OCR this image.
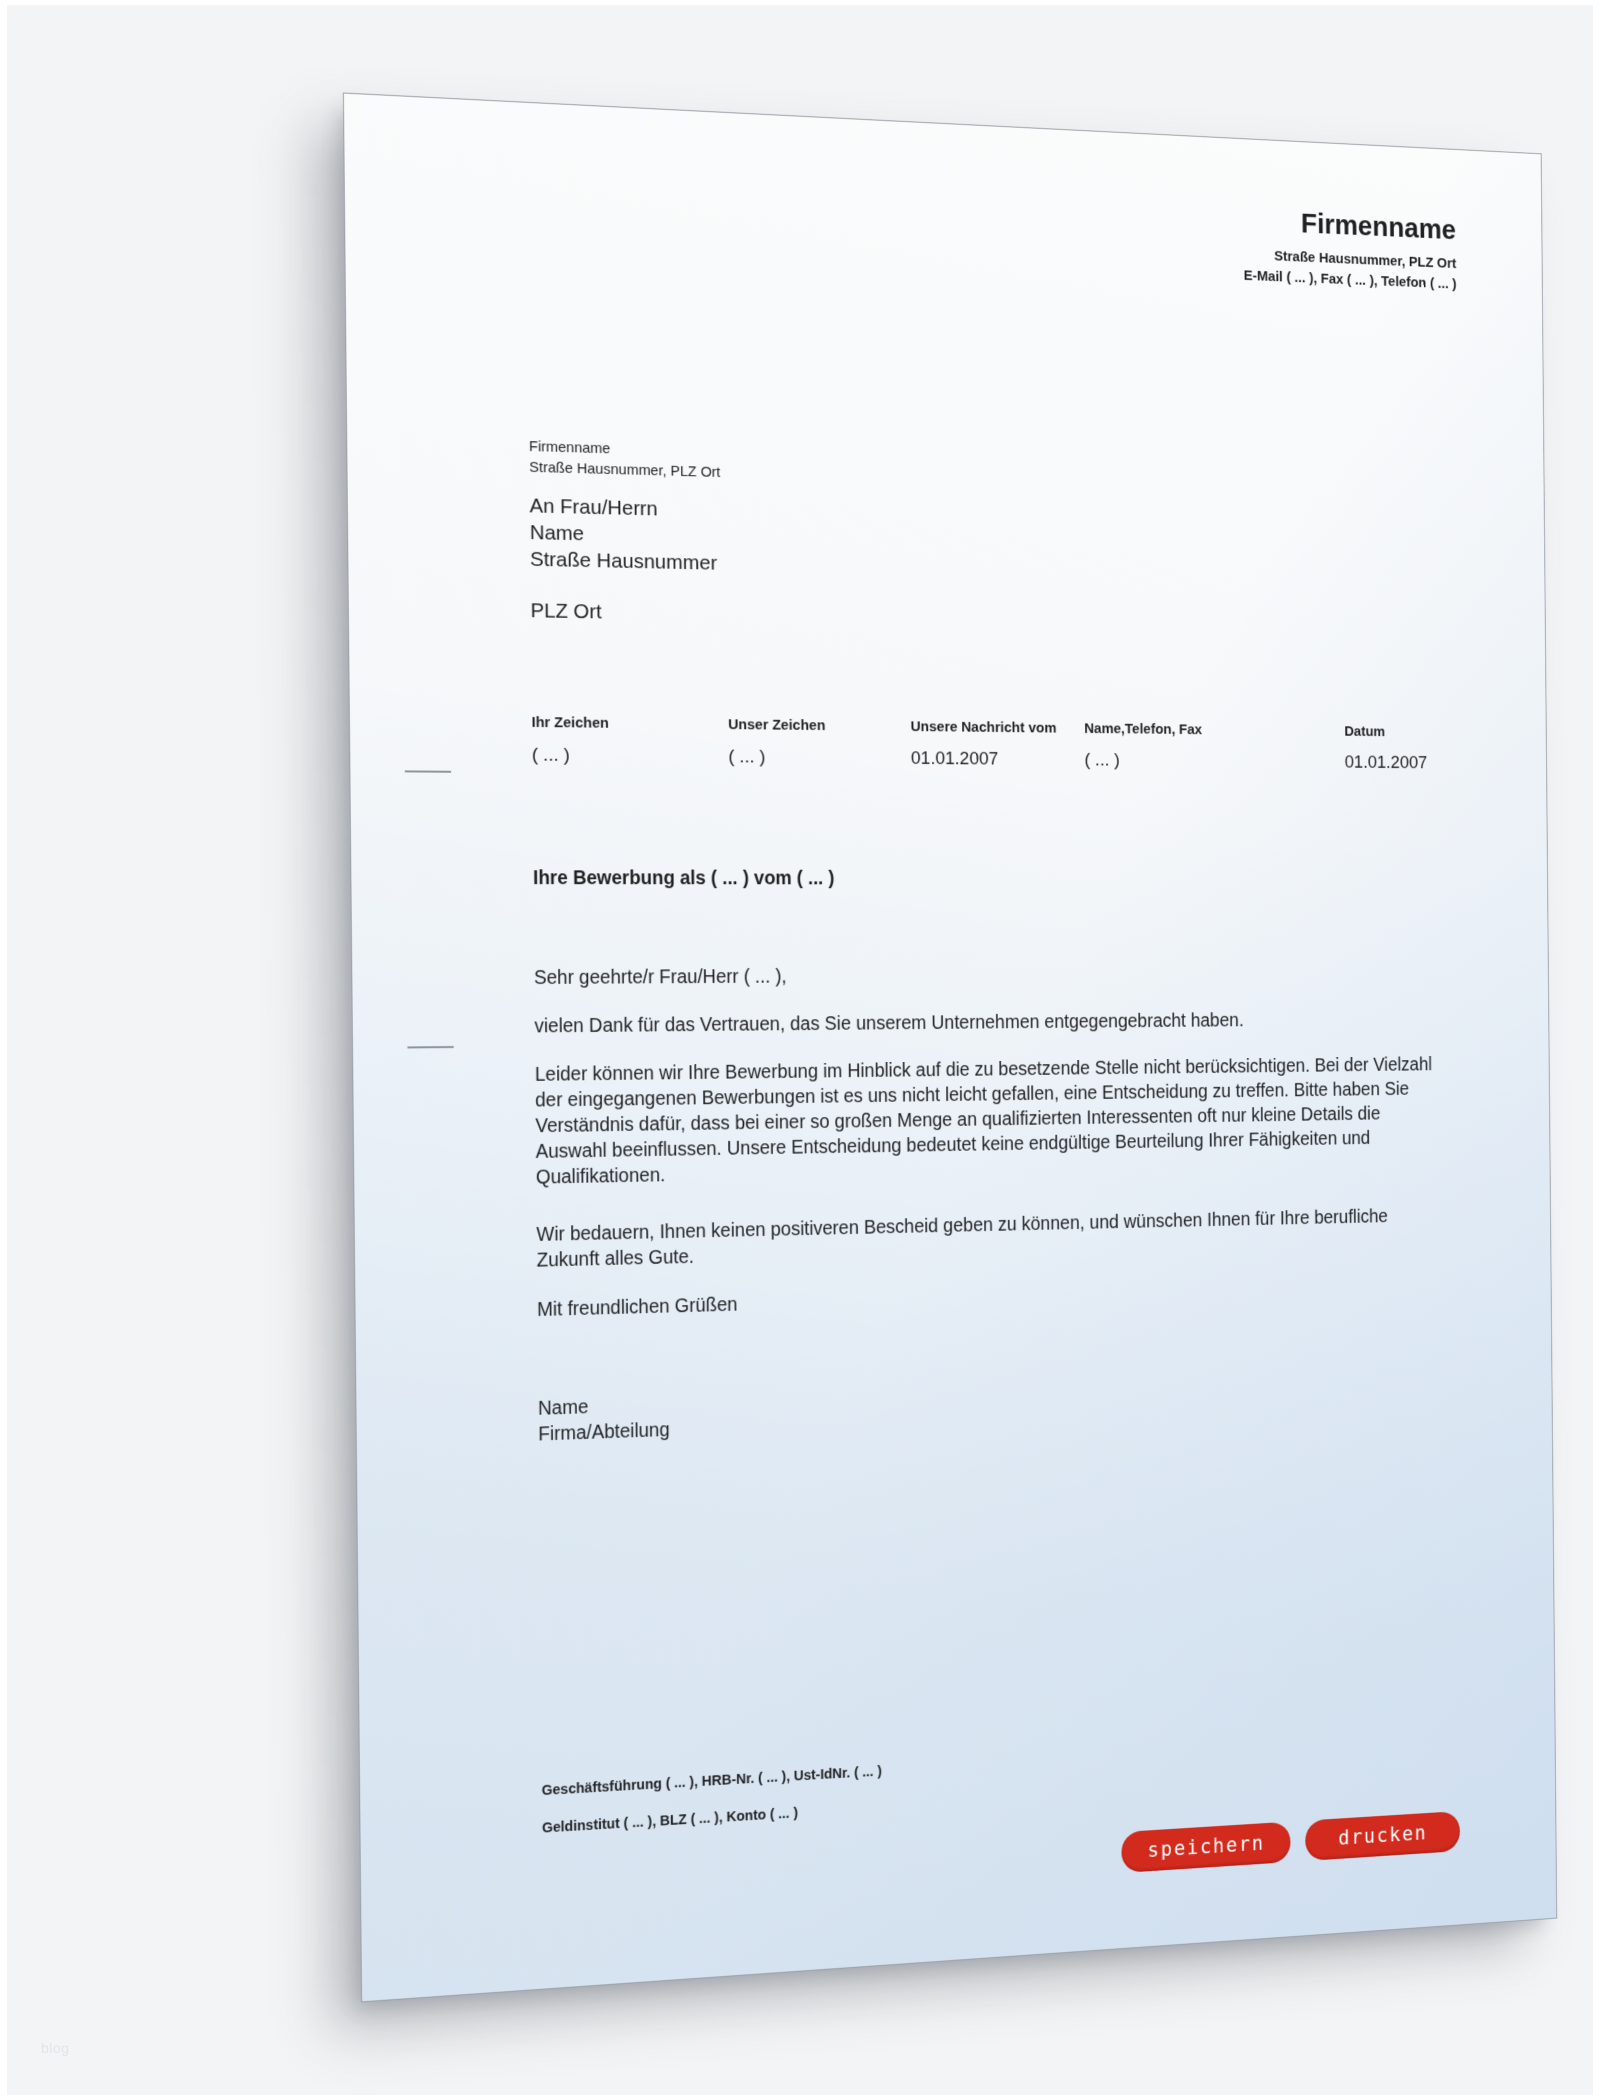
blog
Firmenname
Straße Hausnummer, PLZ Ort
E-Mail ( ... ), Fax ( ... ), Telefon ( ... )
Firmenname
Straße Hausnummer, PLZ Ort
An Frau/Herrn
Name
Straße Hausnummer
PLZ Ort
Ihr Zeichen
( ... )
Unser Zeichen
( ... )
Unsere Nachricht vom
01.01.2007
Name,Telefon, Fax
( ... )
Datum
01.01.2007
Ihre Bewerbung als ( ... ) vom ( ... )
Sehr geehrte/r Frau/Herr ( ... ),
vielen Dank für das Vertrauen, das Sie unserem Unternehmen entgegengebracht haben.
Leider können wir Ihre Bewerbung im Hinblick auf die zu besetzende Stelle nicht berücksichtigen. Bei der Vielzahl der eingegangenen Bewerbungen ist es uns nicht leicht gefallen, eine Entscheidung zu treffen. Bitte haben Sie Verständnis dafür, dass bei einer so großen Menge an qualifizierten Interessenten oft nur kleine Details die Auswahl beeinflussen. Unsere Entscheidung bedeutet keine endgültige Beurteilung Ihrer Fähigkeiten und Qualifikationen.
Wir bedauern, Ihnen keinen positiveren Bescheid geben zu können, und wünschen Ihnen für Ihre berufliche Zukunft alles Gute.
Mit freundlichen Grüßen
Name
Firma/Abteilung
Geschäftsführung ( ... ), HRB-Nr. ( ... ), Ust-IdNr. ( ... )
Geldinstitut ( ... ), BLZ ( ... ), Konto ( ... )
speichern	drucken
